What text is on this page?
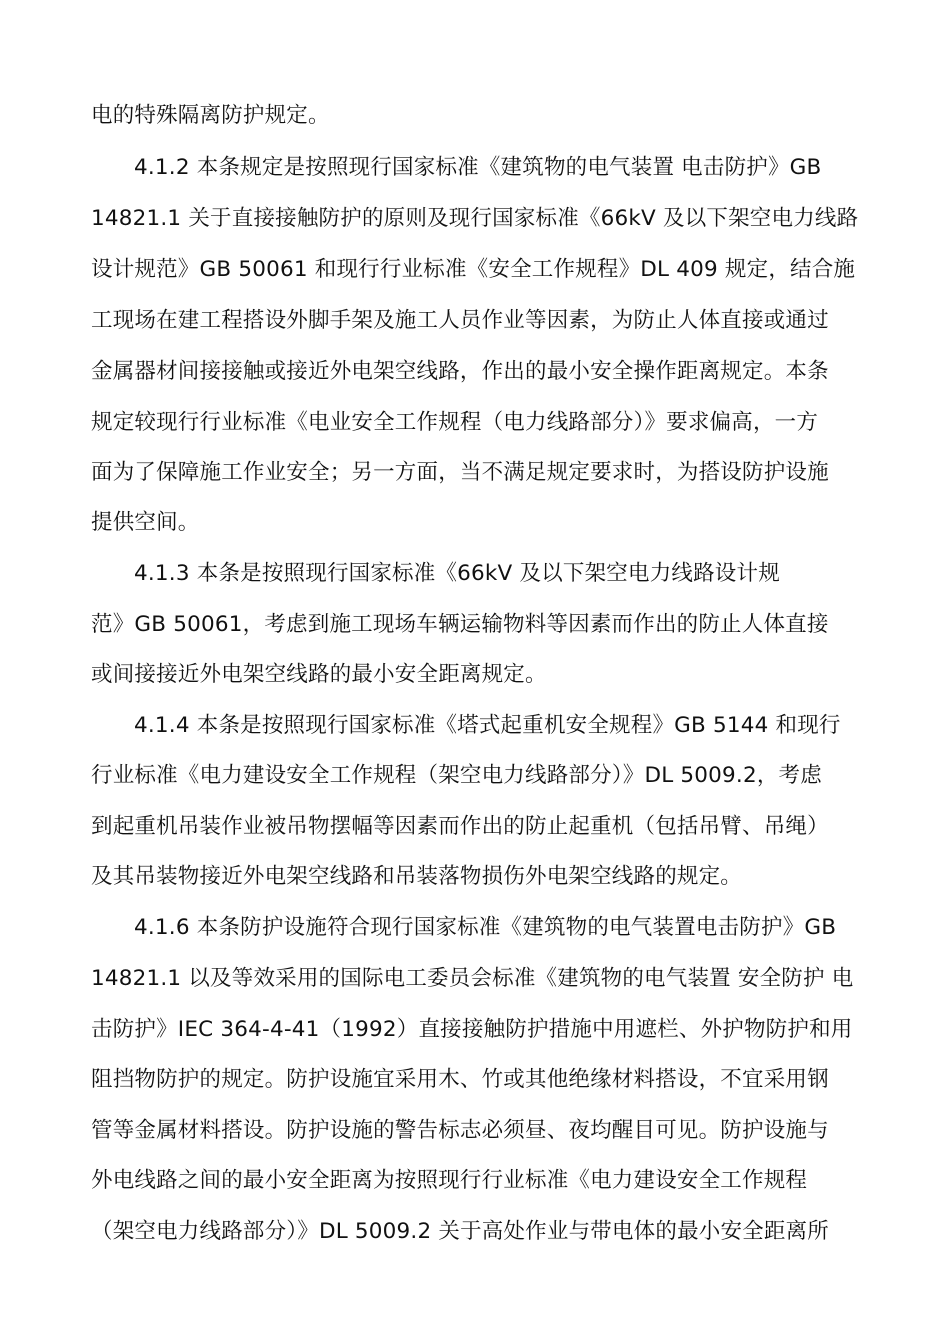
电的特殊隔离防护规定。
4.1.2 本条规定是按照现行国家标准《建筑物的电气装置 电击防护》GB
14821.1 关于直接接触防护的原则及现行国家标准《66kV 及以下架空电力线路
设计规范》GB 50061 和现行行业标准《安全工作规程》DL 409 规定，结合施
工现场在建工程搭设外脚手架及施工人员作业等因素，为防止人体直接或通过
金属器材间接接触或接近外电架空线路，作出的最小安全操作距离规定。本条
规定较现行行业标准《电业安全工作规程（电力线路部分）》要求偏高，一方
面为了保障施工作业安全；另一方面，当不满足规定要求时，为搭设防护设施
提供空间。
4.1.3 本条是按照现行国家标准《66kV 及以下架空电力线路设计规
范》GB 50061，考虑到施工现场车辆运输物料等因素而作出的防止人体直接
或间接接近外电架空线路的最小安全距离规定。
4.1.4 本条是按照现行国家标准《塔式起重机安全规程》GB 5144 和现行
行业标准《电力建设安全工作规程（架空电力线路部分）》DL 5009.2，考虑
到起重机吊装作业被吊物摆幅等因素而作出的防止起重机（包括吊臂、吊绳）
及其吊装物接近外电架空线路和吊装落物损伤外电架空线路的规定。
4.1.6 本条防护设施符合现行国家标准《建筑物的电气装置电击防护》GB
14821.1 以及等效采用的国际电工委员会标准《建筑物的电气装置 安全防护 电
击防护》IEC 364-4-41（1992）直接接触防护措施中用遮栏、外护物防护和用
阻挡物防护的规定。防护设施宜采用木、竹或其他绝缘材料搭设，不宜采用钢
管等金属材料搭设。防护设施的警告标志必须昼、夜均醒目可见。防护设施与
外电线路之间的最小安全距离为按照现行行业标准《电力建设安全工作规程
（架空电力线路部分）》DL 5009.2 关于高处作业与带电体的最小安全距离所
